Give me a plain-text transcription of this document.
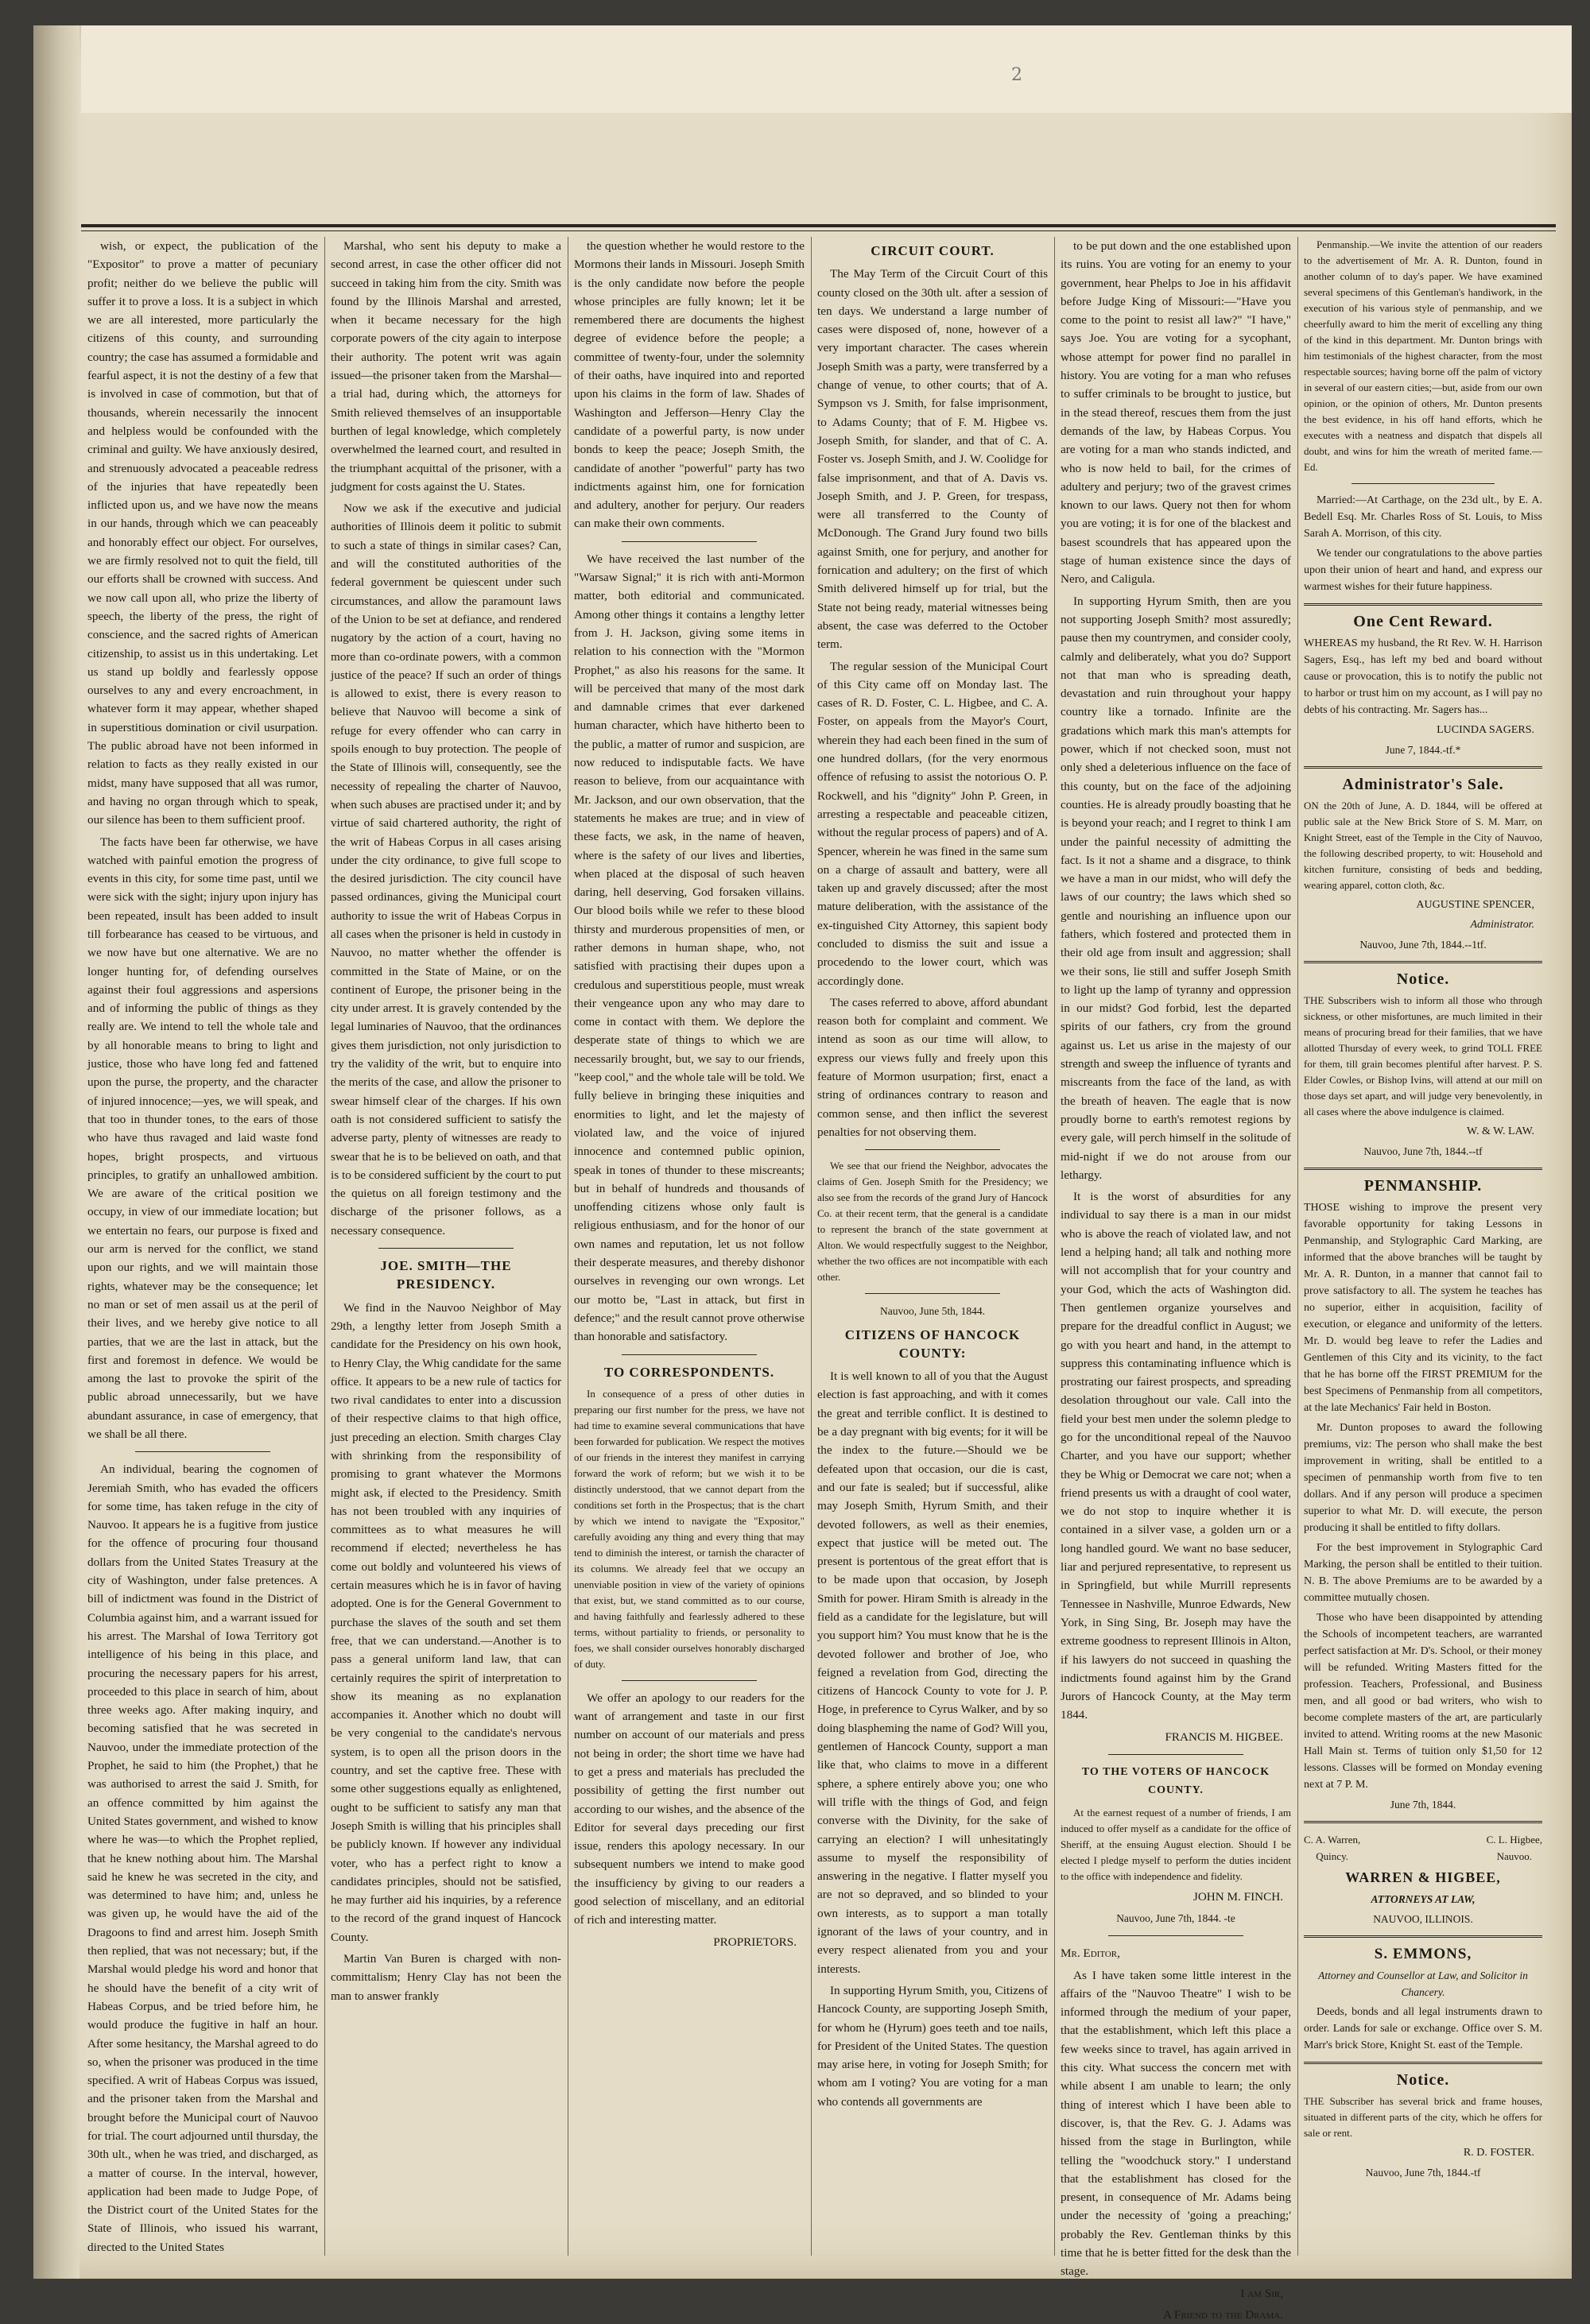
2

wish, or expect, the publication of the "Expositor" to prove a matter of pecuniary profit; neither do we believe the public will suffer it to prove a loss. It is a subject in which we are all interested, more particularly the citizens of this county, and surrounding country; the case has assumed a formidable and fearful aspect, it is not the destiny of a few that is involved in case of commotion, but that of thousands, wherein necessarily the innocent and helpless would be confounded with the criminal and guilty. We have anxiously desired, and strenuously advocated a peaceable redress of the injuries that have repeatedly been inflicted upon us, and we have now the means in our hands, through which we can peaceably and honorably effect our object. For ourselves, we are firmly resolved not to quit the field, till our efforts shall be crowned with success. And we now call upon all, who prize the liberty of speech, the liberty of the press, the right of conscience, and the sacred rights of American citizenship, to assist us in this undertaking. Let us stand up boldly and fearlessly oppose ourselves to any and every encroachment, in whatever form it may appear, whether shaped in superstitious domination or civil usurpation. The public abroad have not been informed in relation to facts as they really existed in our midst, many have supposed that all was rumor, and having no organ through which to speak, our silence has been to them sufficient proof.

The facts have been far otherwise, we have watched with painful emotion the progress of events in this city, for some time past, until we were sick with the sight; injury upon injury has been repeated, insult has been added to insult till forbearance has ceased to be virtuous, and we now have but one alternative. We are no longer hunting for, of defending ourselves against their foul aggressions and aspersions and of informing the public of things as they really are. We intend to tell the whole tale and by all honorable means to bring to light and justice, those who have long fed and fattened upon the purse, the property, and the character of injured innocence;—yes, we will speak, and that too in thunder tones, to the ears of those who have thus ravaged and laid waste fond hopes, bright prospects, and virtuous principles, to gratify an unhallowed ambition. We are aware of the critical position we occupy, in view of our immediate location; but we entertain no fears, our purpose is fixed and our arm is nerved for the conflict, we stand upon our rights, and we will maintain those rights, whatever may be the consequence; let no man or set of men assail us at the peril of their lives, and we hereby give notice to all parties, that we are the last in attack, but the first and foremost in defence. We would be among the last to provoke the spirit of the public abroad unnecessarily, but we have abundant assurance, in case of emergency, that we shall be all there.

An individual, bearing the cognomen of Jeremiah Smith, who has evaded the officers for some time, has taken refuge in the city of Nauvoo. It appears he is a fugitive from justice for the offence of procuring four thousand dollars from the United States Treasury at the city of Washington, under false pretences. A bill of indictment was found in the District of Columbia against him, and a warrant issued for his arrest. The Marshal of Iowa Territory got intelligence of his being in this place, and procuring the necessary papers for his arrest, proceeded to this place in search of him, about three weeks ago. After making inquiry, and becoming satisfied that he was secreted in Nauvoo, under the immediate protection of the Prophet, he said to him (the Prophet,) that he was authorised to arrest the said J. Smith, for an offence committed by him against the United States government, and wished to know where he was—to which the Prophet replied, that he knew nothing about him. The Marshal said he knew he was secreted in the city, and was determined to have him; and, unless he was given up, he would have the aid of the Dragoons to find and arrest him. Joseph Smith then replied, that was not necessary; but, if the Marshal would pledge his word and honor that he should have the benefit of a city writ of Habeas Corpus, and be tried before him, he would produce the fugitive in half an hour. After some hesitancy, the Marshal agreed to do so, when the prisoner was produced in the time specified. A writ of Habeas Corpus was issued, and the prisoner taken from the Marshal and brought before the Municipal court of Nauvoo for trial. The court adjourned until thursday, the 30th ult., when he was tried, and discharged, as a matter of course. In the interval, however, application had been made to Judge Pope, of the District court of the United States for the State of Illinois, who issued his warrant, directed to the United States

Marshal, who sent his deputy to make a second arrest, in case the other officer did not succeed in taking him from the city. Smith was found by the Illinois Marshal and arrested, when it became necessary for the high corporate powers of the city again to interpose their authority. The potent writ was again issued—the prisoner taken from the Marshal—a trial had, during which, the attorneys for Smith relieved themselves of an insupportable burthen of legal knowledge, which completely overwhelmed the learned court, and resulted in the triumphant acquittal of the prisoner, with a judgment for costs against the U. States.

Now we ask if the executive and judicial authorities of Illinois deem it politic to submit to such a state of things in similar cases? Can, and will the constituted authorities of the federal government be quiescent under such circumstances, and allow the paramount laws of the Union to be set at defiance, and rendered nugatory by the action of a court, having no more than co-ordinate powers, with a common justice of the peace? If such an order of things is allowed to exist, there is every reason to believe that Nauvoo will become a sink of refuge for every offender who can carry in spoils enough to buy protection. The people of the State of Illinois will, consequently, see the necessity of repealing the charter of Nauvoo, when such abuses are practised under it; and by virtue of said chartered authority, the right of the writ of Habeas Corpus in all cases arising under the city ordinance, to give full scope to the desired jurisdiction. The city council have passed ordinances, giving the Municipal court authority to issue the writ of Habeas Corpus in all cases when the prisoner is held in custody in Nauvoo, no matter whether the offender is committed in the State of Maine, or on the continent of Europe, the prisoner being in the city under arrest. It is gravely contended by the legal luminaries of Nauvoo, that the ordinances gives them jurisdiction, not only jurisdiction to try the validity of the writ, but to enquire into the merits of the case, and allow the prisoner to swear himself clear of the charges. If his own oath is not considered sufficient to satisfy the adverse party, plenty of witnesses are ready to swear that he is to be believed on oath, and that is to be considered sufficient by the court to put the quietus on all foreign testimony and the discharge of the prisoner follows, as a necessary consequence.

JOE. SMITH—THE PRESIDENCY.

We find in the Nauvoo Neighbor of May 29th, a lengthy letter from Joseph Smith a candidate for the Presidency on his own hook, to Henry Clay, the Whig candidate for the same office. It appears to be a new rule of tactics for two rival candidates to enter into a discussion of their respective claims to that high office, just preceding an election. Smith charges Clay with shrinking from the responsibility of promising to grant whatever the Mormons might ask, if elected to the Presidency. Smith has not been troubled with any inquiries of committees as to what measures he will recommend if elected; nevertheless he has come out boldly and volunteered his views of certain measures which he is in favor of having adopted. One is for the General Government to purchase the slaves of the south and set them free, that we can understand.—Another is to pass a general uniform land law, that can certainly requires the spirit of interpretation to show its meaning as no explanation accompanies it. Another which no doubt will be very congenial to the candidate's nervous system, is to open all the prison doors in the country, and set the captive free. These with some other suggestions equally as enlightened, ought to be sufficient to satisfy any man that Joseph Smith is willing that his principles shall be publicly known. If however any individual voter, who has a perfect right to know a candidates principles, should not be satisfied, he may further aid his inquiries, by a reference to the record of the grand inquest of Hancock County.

Martin Van Buren is charged with non-committalism; Henry Clay has not been the man to answer frankly

the question whether he would restore to the Mormons their lands in Missouri. Joseph Smith is the only candidate now before the people whose principles are fully known; let it be remembered there are documents the highest degree of evidence before the people; a committee of twenty-four, under the solemnity of their oaths, have inquired into and reported upon his claims in the form of law. Shades of Washington and Jefferson—Henry Clay the candidate of a powerful party, is now under bonds to keep the peace; Joseph Smith, the candidate of another "powerful" party has two indictments against him, one for fornication and adultery, another for perjury. Our readers can make their own comments.

We have received the last number of the "Warsaw Signal;" it is rich with anti-Mormon matter, both editorial and communicated. Among other things it contains a lengthy letter from J. H. Jackson, giving some items in relation to his connection with the "Mormon Prophet," as also his reasons for the same. It will be perceived that many of the most dark and damnable crimes that ever darkened human character, which have hitherto been to the public, a matter of rumor and suspicion, are now reduced to indisputable facts. We have reason to believe, from our acquaintance with Mr. Jackson, and our own observation, that the statements he makes are true; and in view of these facts, we ask, in the name of heaven, where is the safety of our lives and liberties, when placed at the disposal of such heaven daring, hell deserving, God forsaken villains. Our blood boils while we refer to these blood thirsty and murderous propensities of men, or rather demons in human shape, who, not satisfied with practising their dupes upon a credulous and superstitious people, must wreak their vengeance upon any who may dare to come in contact with them. We deplore the desperate state of things to which we are necessarily brought, but, we say to our friends, "keep cool," and the whole tale will be told. We fully believe in bringing these iniquities and enormities to light, and let the majesty of violated law, and the voice of injured innocence and contemned public opinion, speak in tones of thunder to these miscreants; but in behalf of hundreds and thousands of unoffending citizens whose only fault is religious enthusiasm, and for the honor of our own names and reputation, let us not follow their desperate measures, and thereby dishonor ourselves in revenging our own wrongs. Let our motto be, "Last in attack, but first in defence;" and the result cannot prove otherwise than honorable and satisfactory.

TO CORRESPONDENTS.

In consequence of a press of other duties in preparing our first number for the press, we have not had time to examine several communications that have been forwarded for publication. We respect the motives of our friends in the interest they manifest in carrying forward the work of reform; but we wish it to be distinctly understood, that we cannot depart from the conditions set forth in the Prospectus; that is the chart by which we intend to navigate the "Expositor," carefully avoiding any thing and every thing that may tend to diminish the interest, or tarnish the character of its columns. We already feel that we occupy an unenviable position in view of the variety of opinions that exist, but, we stand committed as to our course, and having faithfully and fearlessly adhered to these terms, without partiality to friends, or personality to foes, we shall consider ourselves honorably discharged of duty.

We offer an apology to our readers for the want of arrangement and taste in our first number on account of our materials and press not being in order; the short time we have had to get a press and materials has precluded the possibility of getting the first number out according to our wishes, and the absence of the Editor for several days preceding our first issue, renders this apology necessary. In our subsequent numbers we intend to make good the insufficiency by giving to our readers a good selection of miscellany, and an editorial of rich and interesting matter.

PROPRIETORS.
CIRCUIT COURT.

The May Term of the Circuit Court of this county closed on the 30th ult. after a session of ten days. We understand a large number of cases were disposed of, none, however of a very important character. The cases wherein Joseph Smith was a party, were transferred by a change of venue, to other courts; that of A. Sympson vs J. Smith, for false imprisonment, to Adams County; that of F. M. Higbee vs. Joseph Smith, for slander, and that of C. A. Foster vs. Joseph Smith, and J. W. Coolidge for false imprisonment, and that of A. Davis vs. Joseph Smith, and J. P. Green, for trespass, were all transferred to the County of McDonough. The Grand Jury found two bills against Smith, one for perjury, and another for fornication and adultery; on the first of which Smith delivered himself up for trial, but the State not being ready, material witnesses being absent, the case was deferred to the October term.

The regular session of the Municipal Court of this City came off on Monday last. The cases of R. D. Foster, C. L. Higbee, and C. A. Foster, on appeals from the Mayor's Court, wherein they had each been fined in the sum of one hundred dollars, (for the very enormous offence of refusing to assist the notorious O. P. Rockwell, and his "dignity" John P. Green, in arresting a respectable and peaceable citizen, without the regular process of papers) and of A. Spencer, wherein he was fined in the same sum on a charge of assault and battery, were all taken up and gravely discussed; after the most mature deliberation, with the assistance of the ex-tinguished City Attorney, this sapient body concluded to dismiss the suit and issue a procedendo to the lower court, which was accordingly done.

The cases referred to above, afford abundant reason both for complaint and comment. We intend as soon as our time will allow, to express our views fully and freely upon this feature of Mormon usurpation; first, enact a string of ordinances contrary to reason and common sense, and then inflict the severest penalties for not observing them.

We see that our friend the Neighbor, advocates the claims of Gen. Joseph Smith for the Presidency; we also see from the records of the grand Jury of Hancock Co. at their recent term, that the general is a candidate to represent the branch of the state government at Alton. We would respectfully suggest to the Neighbor, whether the two offices are not incompatible with each other.

Nauvoo, June 5th, 1844.
CITIZENS OF HANCOCK COUNTY:

It is well known to all of you that the August election is fast approaching, and with it comes the great and terrible conflict. It is destined to be a day pregnant with big events; for it will be the index to the future.—Should we be defeated upon that occasion, our die is cast, and our fate is sealed; but if successful, alike may Joseph Smith, Hyrum Smith, and their devoted followers, as well as their enemies, expect that justice will be meted out. The present is portentous of the great effort that is to be made upon that occasion, by Joseph Smith for power. Hiram Smith is already in the field as a candidate for the legislature, but will you support him? You must know that he is the devoted follower and brother of Joe, who feigned a revelation from God, directing the citizens of Hancock County to vote for J. P. Hoge, in preference to Cyrus Walker, and by so doing blaspheming the name of God? Will you, gentlemen of Hancock County, support a man like that, who claims to move in a different sphere, a sphere entirely above you; one who will trifle with the things of God, and feign converse with the Divinity, for the sake of carrying an election? I will unhesitatingly assume to myself the responsibility of answering in the negative. I flatter myself you are not so depraved, and so blinded to your own interests, as to support a man totally ignorant of the laws of your country, and in every respect alienated from you and your interests.

In supporting Hyrum Smith, you, Citizens of Hancock County, are supporting Joseph Smith, for whom he (Hyrum) goes teeth and toe nails, for President of the United States. The question may arise here, in voting for Joseph Smith; for whom am I voting? You are voting for a man who contends all governments are

to be put down and the one established upon its ruins. You are voting for an enemy to your government, hear Phelps to Joe in his affidavit before Judge King of Missouri:—"Have you come to the point to resist all law?" "I have," says Joe. You are voting for a sycophant, whose attempt for power find no parallel in history. You are voting for a man who refuses to suffer criminals to be brought to justice, but in the stead thereof, rescues them from the just demands of the law, by Habeas Corpus. You are voting for a man who stands indicted, and who is now held to bail, for the crimes of adultery and perjury; two of the gravest crimes known to our laws. Query not then for whom you are voting; it is for one of the blackest and basest scoundrels that has appeared upon the stage of human existence since the days of Nero, and Caligula.

In supporting Hyrum Smith, then are you not supporting Joseph Smith? most assuredly; pause then my countrymen, and consider cooly, calmly and deliberately, what you do? Support not that man who is spreading death, devastation and ruin throughout your happy country like a tornado. Infinite are the gradations which mark this man's attempts for power, which if not checked soon, must not only shed a deleterious influence on the face of this county, but on the face of the adjoining counties. He is already proudly boasting that he is beyond your reach; and I regret to think I am under the painful necessity of admitting the fact. Is it not a shame and a disgrace, to think we have a man in our midst, who will defy the laws of our country; the laws which shed so gentle and nourishing an influence upon our fathers, which fostered and protected them in their old age from insult and aggression; shall we their sons, lie still and suffer Joseph Smith to light up the lamp of tyranny and oppression in our midst? God forbid, lest the departed spirits of our fathers, cry from the ground against us. Let us arise in the majesty of our strength and sweep the influence of tyrants and miscreants from the face of the land, as with the breath of heaven. The eagle that is now proudly borne to earth's remotest regions by every gale, will perch himself in the solitude of mid-night if we do not arouse from our lethargy.

It is the worst of absurdities for any individual to say there is a man in our midst who is above the reach of violated law, and not lend a helping hand; all talk and nothing more will not accomplish that for your country and your God, which the acts of Washington did. Then gentlemen organize yourselves and prepare for the dreadful conflict in August; we go with you heart and hand, in the attempt to suppress this contaminating influence which is prostrating our fairest prospects, and spreading desolation throughout our vale. Call into the field your best men under the solemn pledge to go for the unconditional repeal of the Nauvoo Charter, and you have our support; whether they be Whig or Democrat we care not; when a friend presents us with a draught of cool water, we do not stop to inquire whether it is contained in a silver vase, a golden urn or a long handled gourd. We want no base seducer, liar and perjured representative, to represent us in Springfield, but while Murrill represents Tennessee in Nashville, Munroe Edwards, New York, in Sing Sing, Br. Joseph may have the extreme goodness to represent Illinois in Alton, if his lawyers do not succeed in quashing the indictments found against him by the Grand Jurors of Hancock County, at the May term 1844.

FRANCIS M. HIGBEE.
TO THE VOTERS OF HANCOCK COUNTY.

At the earnest request of a number of friends, I am induced to offer myself as a candidate for the office of Sheriff, at the ensuing August election. Should I be elected I pledge myself to perform the duties incident to the office with independence and fidelity.

JOHN M. FINCH.
Nauvoo, June 7th, 1844. -te

Mr. Editor,

As I have taken some little interest in the affairs of the "Nauvoo Theatre" I wish to be informed through the medium of your paper, that the establishment, which left this place a few weeks since to travel, has again arrived in this city. What success the concern met with while absent I am unable to learn; the only thing of interest which I have been able to discover, is, that the Rev. G. J. Adams was hissed from the stage in Burlington, while telling the "woodchuck story." I understand that the establishment has closed for the present, in consequence of Mr. Adams being under the necessity of 'going a preaching;' probably the Rev. Gentleman thinks by this time that he is better fitted for the desk than the stage.

I am Sir,
A Friend to the Drama.

Penmanship.—We invite the attention of our readers to the advertisement of Mr. A. R. Dunton, found in another column of to day's paper. We have examined several specimens of this Gentleman's handiwork, in the execution of his various style of penmanship, and we cheerfully award to him the merit of excelling any thing of the kind in this department. Mr. Dunton brings with him testimonials of the highest character, from the most respectable sources; having borne off the palm of victory in several of our eastern cities;—but, aside from our own opinion, or the opinion of others, Mr. Dunton presents the best evidence, in his off hand efforts, which he executes with a neatness and dispatch that dispels all doubt, and wins for him the wreath of merited fame.—Ed.

Married:—At Carthage, on the 23d ult., by E. A. Bedell Esq. Mr. Charles Ross of St. Louis, to Miss Sarah A. Morrison, of this city.

We tender our congratulations to the above parties upon their union of heart and hand, and express our warmest wishes for their future happiness.

One Cent Reward.

WHEREAS my husband, the Rt Rev. W. H. Harrison Sagers, Esq., has left my bed and board without cause or provocation, this is to notify the public not to harbor or trust him on my account, as I will pay no debts of his contracting. Mr. Sagers has...

LUCINDA SAGERS.
June 7, 1844.-tf.*
Administrator's Sale.

ON the 20th of June, A. D. 1844, will be offered at public sale at the New Brick Store of S. M. Marr, on Knight Street, east of the Temple in the City of Nauvoo, the following described property, to wit: Household and kitchen furniture, consisting of beds and bedding, wearing apparel, cotton cloth, &c.

AUGUSTINE SPENCER,
Administrator.
Nauvoo, June 7th, 1844.--1tf.
Notice.

THE Subscribers wish to inform all those who through sickness, or other misfortunes, are much limited in their means of procuring bread for their families, that we have allotted Thursday of every week, to grind TOLL FREE for them, till grain becomes plentiful after harvest. P. S. Elder Cowles, or Bishop Ivins, will attend at our mill on those days set apart, and will judge very benevolently, in all cases where the above indulgence is claimed.

W. & W. LAW.
Nauvoo, June 7th, 1844.--tf
PENMANSHIP.

THOSE wishing to improve the present very favorable opportunity for taking Lessons in Penmanship, and Stylographic Card Marking, are informed that the above branches will be taught by Mr. A. R. Dunton, in a manner that cannot fail to prove satisfactory to all. The system he teaches has no superior, either in acquisition, facility of execution, or elegance and uniformity of the letters. Mr. D. would beg leave to refer the Ladies and Gentlemen of this City and its vicinity, to the fact that he has borne off the FIRST PREMIUM for the best Specimens of Penmanship from all competitors, at the late Mechanics' Fair held in Boston.

Mr. Dunton proposes to award the following premiums, viz: The person who shall make the best improvement in writing, shall be entitled to a specimen of penmanship worth from five to ten dollars. And if any person will produce a specimen superior to what Mr. D. will execute, the person producing it shall be entitled to fifty dollars.

For the best improvement in Stylographic Card Marking, the person shall be entitled to their tuition. N. B. The above Premiums are to be awarded by a committee mutually chosen.

Those who have been disappointed by attending the Schools of incompetent teachers, are warranted perfect satisfaction at Mr. D's. School, or their money will be refunded. Writing Masters fitted for the profession. Teachers, Professional, and Business men, and all good or bad writers, who wish to become complete masters of the art, are particularly invited to attend. Writing rooms at the new Masonic Hall Main st. Terms of tuition only $1,50 for 12 lessons. Classes will be formed on Monday evening next at 7 P. M.

June 7th, 1844.
C. A. Warren,
Quincy.
C. L. Higbee,
Nauvoo.
WARREN & HIGBEE,
ATTORNEYS AT LAW,
NAUVOO, ILLINOIS.
S. EMMONS,
Attorney and Counsellor at Law, and Solicitor in Chancery.

Deeds, bonds and all legal instruments drawn to order. Lands for sale or exchange. Office over S. M. Marr's brick Store, Knight St. east of the Temple.

Notice.

THE Subscriber has several brick and frame houses, situated in different parts of the city, which he offers for sale or rent.

R. D. FOSTER.
Nauvoo, June 7th, 1844.-tf
